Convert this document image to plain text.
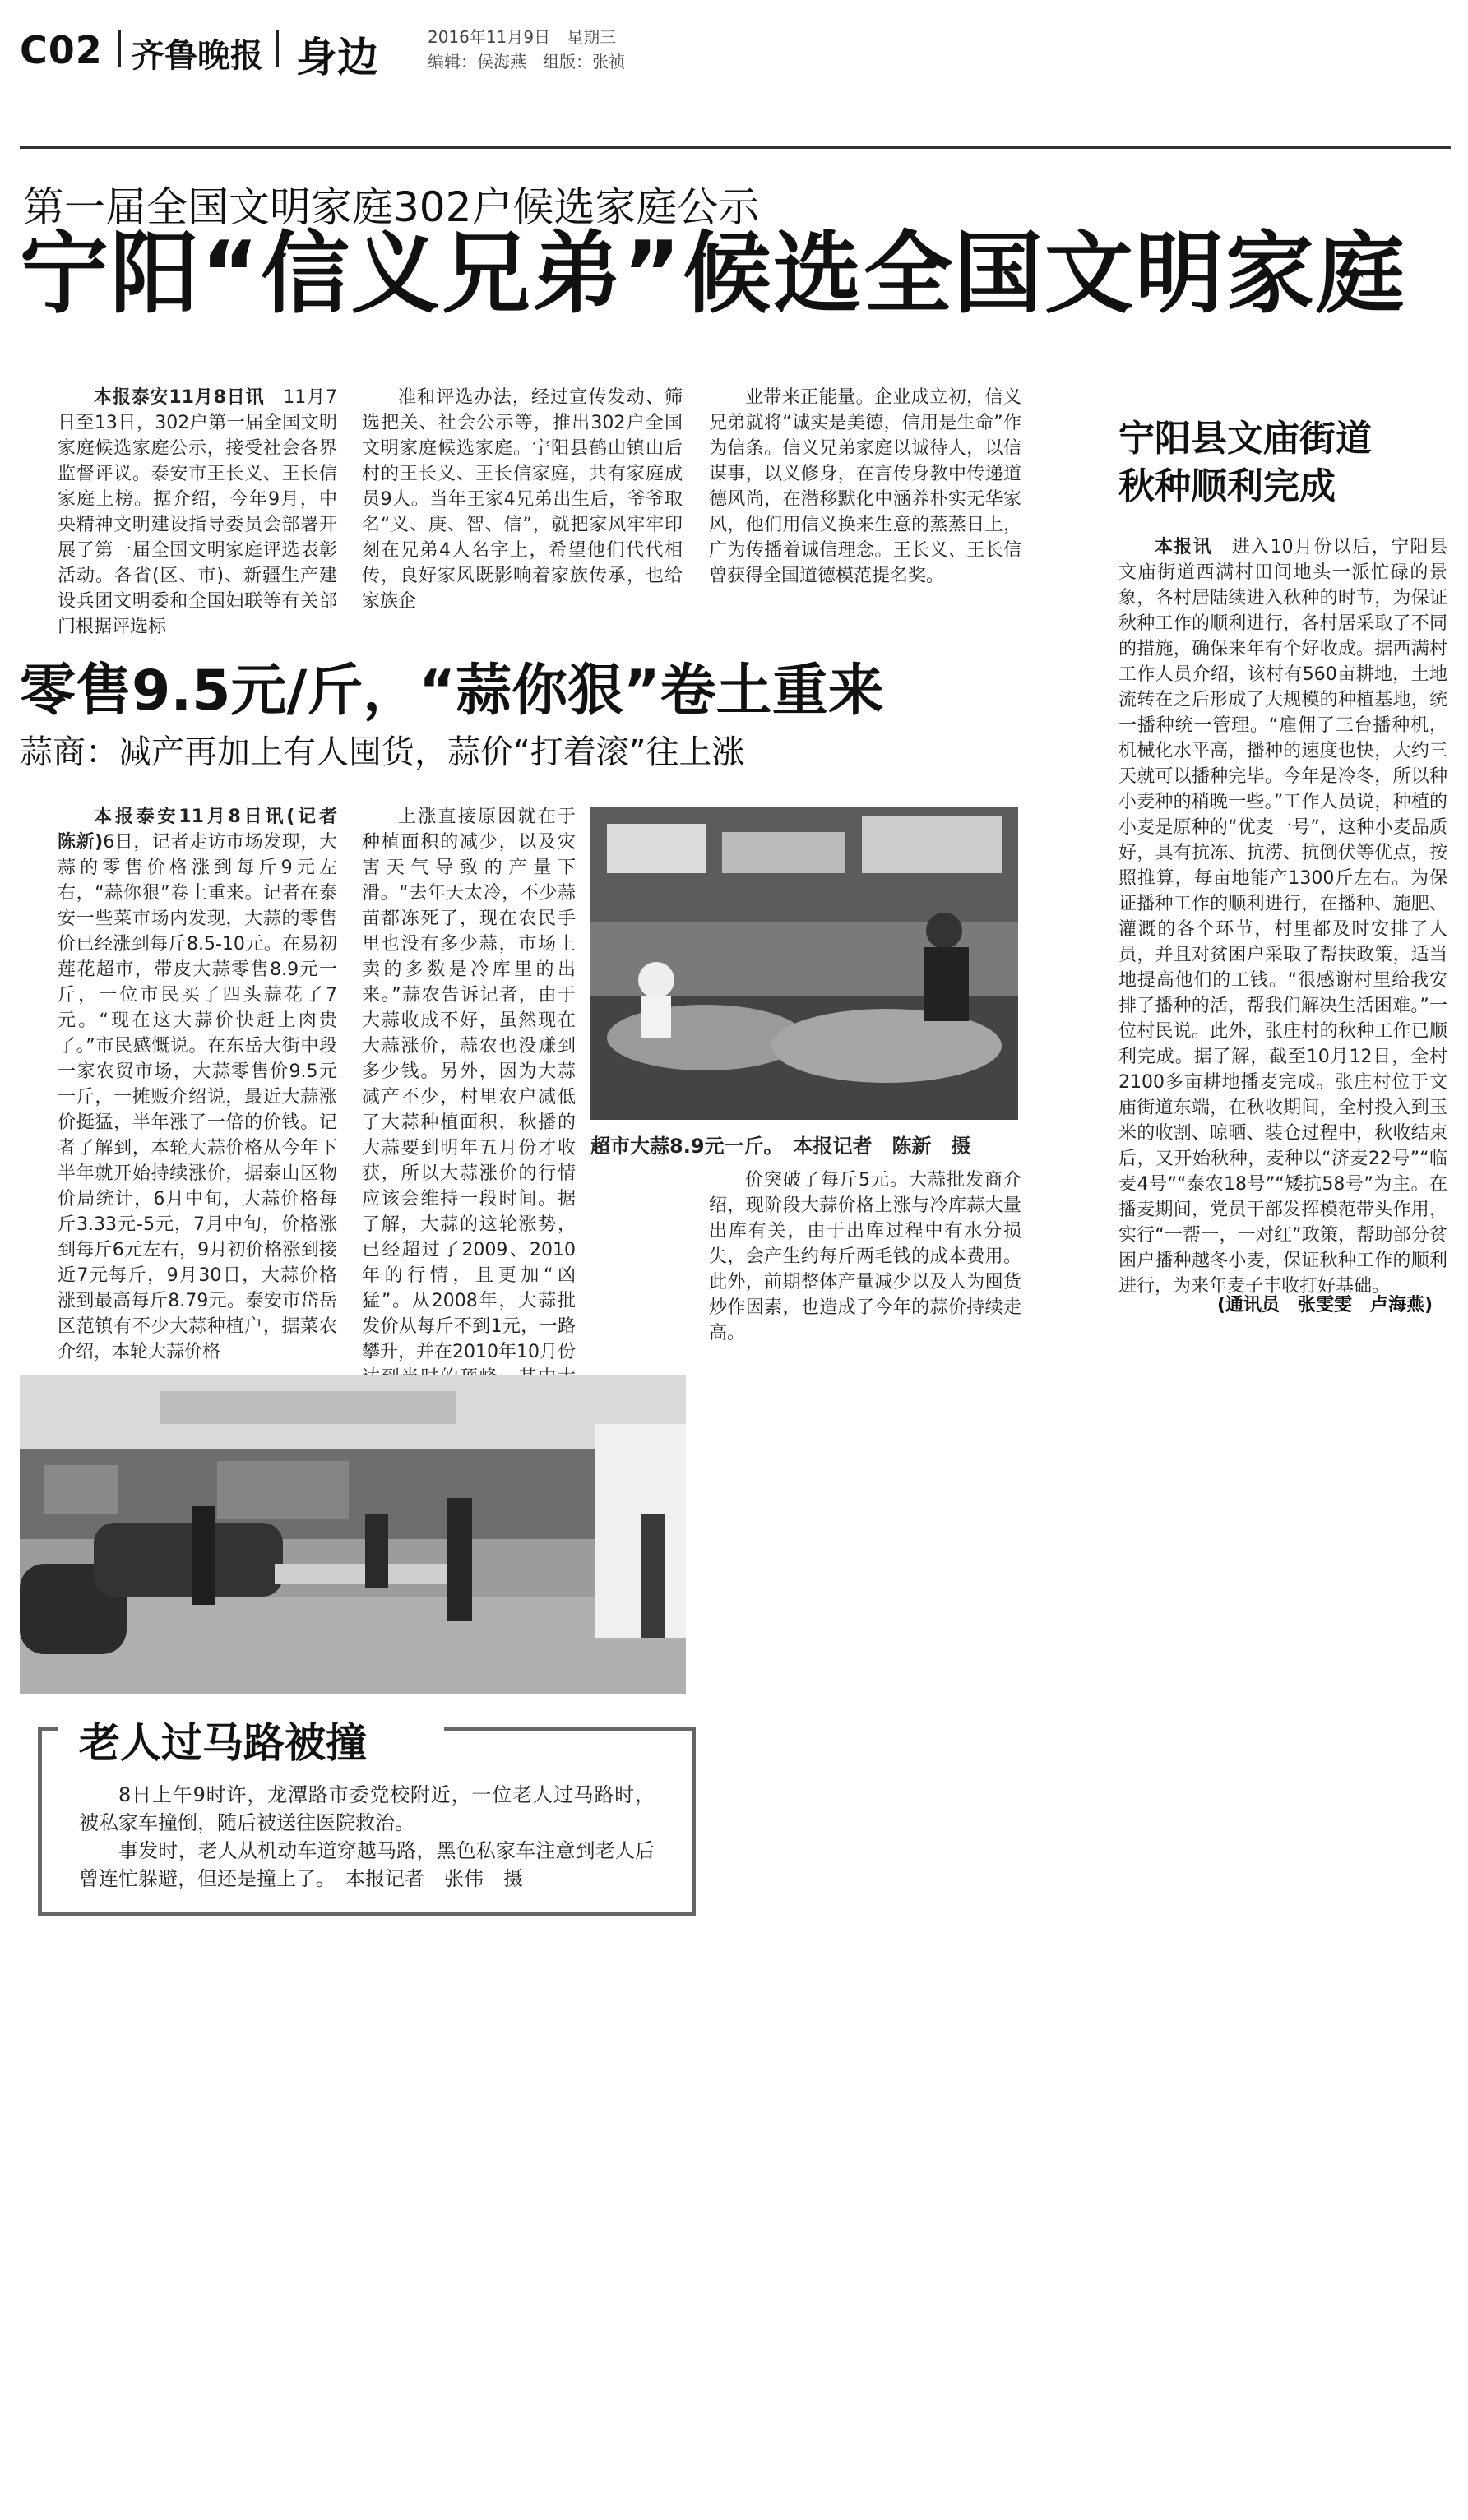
C02 齐鲁晚报 身边	2016年11月9日　星期三
编辑：侯海燕　组版：张祯
第一届全国文明家庭302户候选家庭公示
宁阳“信义兄弟”候选全国文明家庭

本报泰安11月8日讯　 11月7日至13日，302户第一届全国文明家庭候选家庭公示，接受社会各界监督评议。泰安市王长义、王长信家庭上榜。据介绍，今年9月，中央精神文明建设指导委员会部署开展了第一届全国文明家庭评选表彰活动。各省(区、市)、新疆生产建设兵团文明委和全国妇联等有关部门根据评选标

准和评选办法，经过宣传发动、筛选把关、社会公示等，推出302户全国文明家庭候选家庭。宁阳县鹤山镇山后村的王长义、王长信家庭，共有家庭成员9人。当年王家4兄弟出生后，爷爷取名“义、庚、智、信”，就把家风牢牢印刻在兄弟4人名字上，希望他们代代相传，良好家风既影响着家族传承，也给家族企

业带来正能量。企业成立初，信义兄弟就将“诚实是美德，信用是生命”作为信条。信义兄弟家庭以诚待人，以信谋事，以义修身，在言传身教中传递道德风尚，在潜移默化中涵养朴实无华家风，他们用信义换来生意的蒸蒸日上，广为传播着诚信理念。王长义、王长信曾获得全国道德模范提名奖。

宁阳县文庙街道
秋种顺利完成

本报讯　 进入10月份以后，宁阳县文庙街道西满村田间地头一派忙碌的景象，各村居陆续进入秋种的时节，为保证秋种工作的顺利进行，各村居采取了不同的措施，确保来年有个好收成。据西满村工作人员介绍，该村有560亩耕地，土地流转在之后形成了大规模的种植基地，统一播种统一管理。“雇佣了三台播种机，机械化水平高，播种的速度也快，大约三天就可以播种完毕。今年是冷冬，所以种小麦种的稍晚一些。”工作人员说，种植的小麦是原种的“优麦一号”，这种小麦品质好，具有抗冻、抗涝、抗倒伏等优点，按照推算，每亩地能产1300斤左右。为保证播种工作的顺利进行，在播种、施肥、灌溉的各个环节，村里都及时安排了人员，并且对贫困户采取了帮扶政策，适当地提高他们的工钱。“很感谢村里给我安排了播种的活，帮我们解决生活困难。”一位村民说。此外，张庄村的秋种工作已顺利完成。据了解，截至10月12日，全村2100多亩耕地播麦完成。张庄村位于文庙街道东端，在秋收期间，全村投入到玉米的收割、晾晒、装仓过程中，秋收结束后，又开始秋种，麦种以“济麦22号”“临麦4号”“泰农18号”“矮抗58号”为主。在播麦期间，党员干部发挥模范带头作用，实行“一帮一，一对红”政策，帮助部分贫困户播种越冬小麦，保证秋种工作的顺利进行，为来年麦子丰收打好基础。

(通讯员　张雯雯　卢海燕)
零售9.5元/斤，“蒜你狠”卷土重来
蒜商：减产再加上有人囤货，蒜价“打着滚”往上涨

本报泰安11月8日讯(记者　陈新)6日，记者走访市场发现，大蒜的零售价格涨到每斤9元左右，“蒜你狠”卷土重来。记者在泰安一些菜市场内发现，大蒜的零售价已经涨到每斤8.5-10元。在易初莲花超市，带皮大蒜零售8.9元一斤，一位市民买了四头蒜花了7元。“现在这大蒜价快赶上肉贵了。”市民感慨说。在东岳大街中段一家农贸市场，大蒜零售价9.5元一斤，一摊贩介绍说，最近大蒜涨价挺猛，半年涨了一倍的价钱。记者了解到，本轮大蒜价格从今年下半年就开始持续涨价，据泰山区物价局统计，6月中旬，大蒜价格每斤3.33元-5元，7月中旬，价格涨到每斤6元左右，9月初价格涨到接近7元每斤，9月30日，大蒜价格涨到最高每斤8.79元。泰安市岱岳区范镇有不少大蒜种植户，据菜农介绍，本轮大蒜价格

上涨直接原因就在于种植面积的减少，以及灾害天气导致的产量下滑。“去年天太冷，不少蒜苗都冻死了，现在农民手里也没有多少蒜，市场上卖的多数是冷库里的出来。”蒜农告诉记者，由于大蒜收成不好，虽然现在大蒜涨价，蒜农也没赚到多少钱。另外，因为大蒜减产不少，村里农户减低了大蒜种植面积，秋播的大蒜要到明年五月份才收获，所以大蒜涨价的行情应该会维持一段时间。据了解，大蒜的这轮涨势，已经超过了2009、2010年的行情，且更加“凶猛”。从2008年，大蒜批发价从每斤不到1元，一路攀升，并在2010年10月份

超市大蒜8.9元一斤。　本报记者　陈新　摄

价突破了每斤5元。大蒜批发商介绍，现阶段大蒜价格上涨与冷库蒜大量出库有关，由于出库过程中有水分损失，会产生约每斤两毛钱的成本费用。此外，前期整体产量减少以及人为囤货炒作因素，也造成了今年的蒜价持续走高。

老人过马路被撞
8日上午9时许，龙潭路市委党校附近，一位老人过马路时，被私家车撞倒，随后被送往医院救治。
事发时，老人从机动车道穿越马路，黑色私家车注意到老人后曾连忙躲避，但还是撞上了。　本报记者　张伟　摄
